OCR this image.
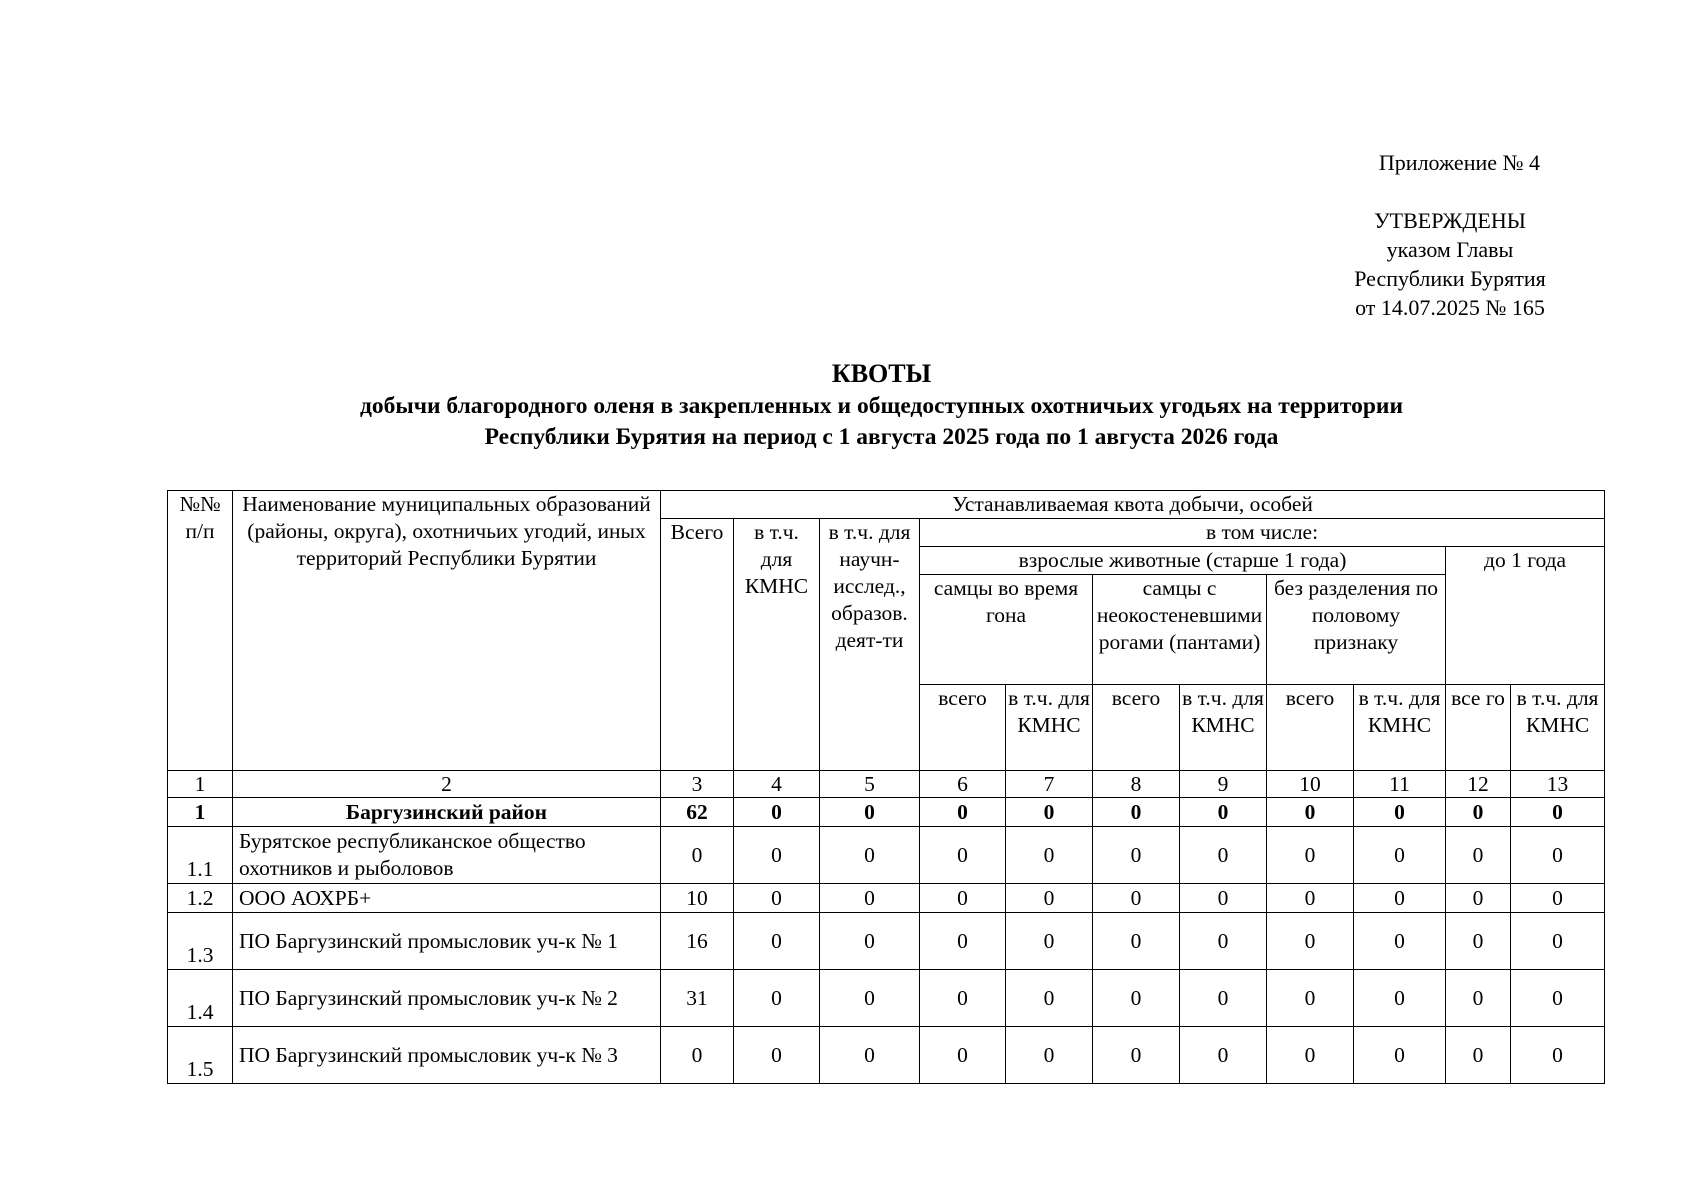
Приложение № 4
УТВЕРЖДЕНЫ
указом Главы
Республики Бурятия
от 14.07.2025 № 165
КВОТЫ
добычи благородного оленя в закрепленных и общедоступных охотничьих угодьях на территории
Республики Бурятия на период с 1 августа 2025 года по 1 августа 2026 года
№№ п/п	Наименование муниципальных образований (районы, округа), охотничьих угодий, иных территорий Республики Бурятии	Устанавливаемая квота добычи, особей										
		Всего	в т.ч. для КМНС	в т.ч. для научн-исслед., образов. деят-ти	в том числе:							
					взрослые животные (старше 1 года)						до 1 года	
					самцы во время гона		самцы с неокостеневшими рогами (пантами)		без разделения по половому признаку			
					всего	в т.ч. для КМНС	всего	в т.ч. для КМНС	всего	в т.ч. для КМНС	все го	в т.ч. для КМНС
1	2	3	4	5	6	7	8	9	10	11	12	13
1	Баргузинский район	62	0	0	0	0	0	0	0	0	0	0
1.1	Бурятское республиканское общество охотников и рыболовов	0	0	0	0	0	0	0	0	0	0	0
1.2	ООО АОХРБ+	10	0	0	0	0	0	0	0	0	0	0
1.3	ПО Баргузинский промысловик уч-к № 1	16	0	0	0	0	0	0	0	0	0	0
1.4	ПО Баргузинский промысловик уч-к № 2	31	0	0	0	0	0	0	0	0	0	0
1.5	ПО Баргузинский промысловик уч-к № 3	0	0	0	0	0	0	0	0	0	0	0
